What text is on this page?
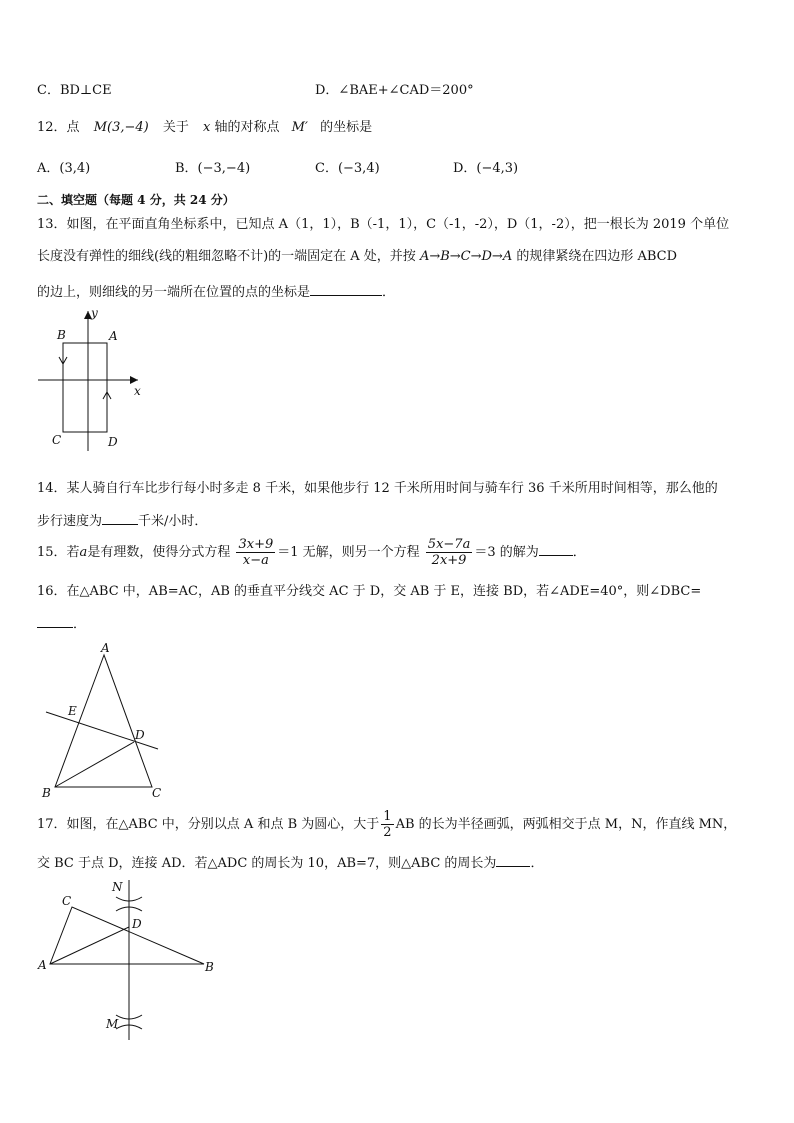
C．BD⊥CE	D．∠BAE+∠CAD＝200°
12．点 M(3,−4) 关于 x 轴的对称点 M′ 的坐标是
A．(3,4)	B．(−3,−4)	C．(−3,4)	D．(−4,3)
二、填空题（每题 4 分，共 24 分）
13．如图，在平面直角坐标系中，已知点 A（1，1），B（-1，1），C（-1，-2），D（1，-2），把一根长为 2019 个单位
长度没有弹性的细线(线的粗细忽略不计)的一端固定在 A 处，并按 A→B→C→D→A 的规律紧绕在四边形 ABCD
的边上，则细线的另一端所在位置的点的坐标是	．
y
B	A
x
C	D
14．某人骑自行车比步行每小时多走 8 千米，如果他步行 12 千米所用时间与骑车行 36 千米所用时间相等，那么他的
步行速度为	千米/小时．
15．若a是有理数，使得分式方程 $\frac{3x+9}{x-a} =1$ 无解，则另一个方程 $\frac{5x-7a}{2x+9} =3$ 的解为	．
16．在△ABC 中，AB=AC，AB 的垂直平分线交 AC 于 D，交 AB 于 E，连接 BD，若∠ADE=40°，则∠DBC=
．
A
E
D
B	C
17．如图，在△ABC 中，分别以点 A 和点 B 为圆心，大于 $\frac{1}{2}$ AB 的长为半径画弧，两弧相交于点 M，N，作直线 MN，
交 BC 于点 D，连接 AD．若△ADC 的周长为 10，AB=7，则△ABC 的周长为	．
N
C
D
A	B
M
